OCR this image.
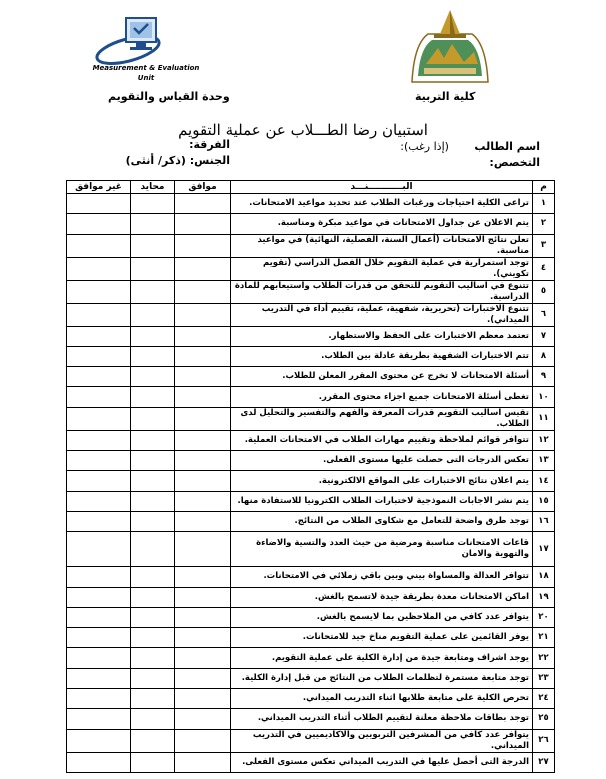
Measurement & Evaluation
Unit
وحدة القياس والتقويم	كلية التربية
استبيان رضا الطـــلاب عن عملية التقويم
اسم الطالب (إذا رغب):
الفرقة:
التخصص:
الجنس: (ذكر/ أنثى)
م	البـــــــــــنـــد	موافق	محايد	غير موافق
١	تراعى الكلية احتياجات ورغبات الطلاب عند تحديد مواعيد الامتحانات.			
٢	يتم الاعلان عن جداول الامتحانات في مواعيد مبكرة ومناسبة.			
٣	تعلن نتائج الامتحانات (أعمال السنة، الفصلية، النهائية) في مواعيد مناسبة.			
٤	توجد استمرارية في عملية التقويم خلال الفصل الدراسي (تقويم تكويني).			
٥	تتنوع في اساليب التقويم للتحقق من قدرات الطلاب واستيعابهم للمادة الدراسية.			
٦	تتنوع الاختبارات (تحريرية، شفهية، عملية، تقييم أداء في التدريب الميداني).			
٧	تعتمد معظم الاختبارات على الحفظ والاستظهار.			
٨	تتم الاختبارات الشفهية بطريقة عادلة بين الطلاب.			
٩	أسئلة الامتحانات لا تخرج عن محتوى المقرر المعلن للطلاب.			
١٠	تغطى أسئلة الامتحانات جميع اجزاء محتوى المقرر.			
١١	تقيس اساليب التقويم قدرات المعرفة والفهم والتفسير والتحليل لدى الطلاب.			
١٢	تتوافر قوائم لملاحظة وتقييم مهارات الطلاب في الامتحانات العملية.			
١٣	تعكس الدرجات التى حصلت عليها مستوى الفعلى.			
١٤	يتم اعلان نتائج الاختبارات على المواقع الالكترونية.			
١٥	يتم نشر الاجابات النموذجية لاختبارات الطلاب الكترونيا للاستفادة منها.			
١٦	توجد طرق واضحة للتعامل مع شكاوى الطلاب من النتائج.			
١٧	قاعات الامتحانات مناسبة ومرضية من حيث العدد والتسية والاضاءة والتهوية والامان			
١٨	تتوافر العدالة والمساواة بيني وبين باقي زملائي في الامتحانات.			
١٩	اماكن الامتحانات معدة بطريقة جيدة لاتسمح بالغش.			
٢٠	يتوافر عدد كافي من الملاحظين بما لايسمح بالغش.			
٢١	يوفر القائمين على عملية التقويم مناخ جيد للامتحانات.			
٢٢	يوجد اشراف ومتابعة جيدة من إدارة الكلية على عملية التقويم.			
٢٣	توجد متابعة مستمرة لتظلمات الطلاب من النتائج من قبل إدارة الكلية.			
٢٤	تحرص الكلية على متابعة طلابها اثناء التدريب الميداني.			
٢٥	توجد بطاقات ملاحظة معلنة لتقييم الطلاب أثناء التدريب الميداني.			
٢٦	يتوافر عدد كافي من المشرفين التربويين والاكاديميين في التدريب الميداني.			
٢٧	الدرجة التى أحصل عليها في التدريب الميداني تعكس مستوى الفعلى.			
